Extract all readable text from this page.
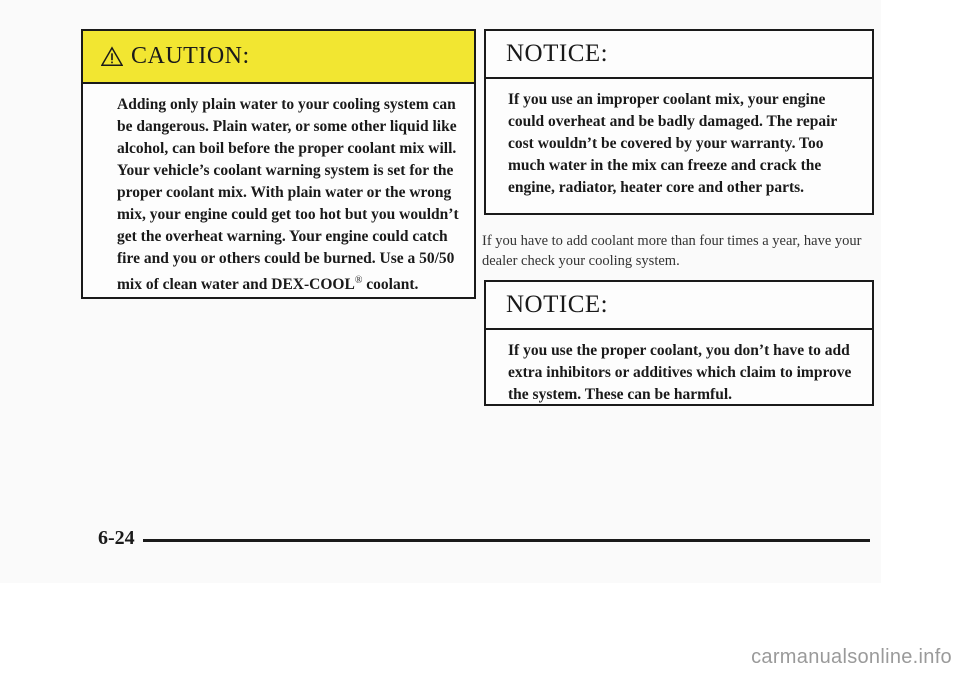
CAUTION:
Adding only plain water to your cooling system can be dangerous. Plain water, or some other liquid like alcohol, can boil before the proper coolant mix will. Your vehicle’s coolant warning system is set for the proper coolant mix. With plain water or the wrong mix, your engine could get too hot but you wouldn’t get the overheat warning. Your engine could catch fire and you or others could be burned. Use a 50/50 mix of clean water and DEX-COOL® coolant.
NOTICE:
If you use an improper coolant mix, your engine could overheat and be badly damaged. The repair cost wouldn’t be covered by your warranty. Too much water in the mix can freeze and crack the engine, radiator, heater core and other parts.
If you have to add coolant more than four times a year, have your dealer check your cooling system.
NOTICE:
If you use the proper coolant, you don’t have to add extra inhibitors or additives which claim to improve the system. These can be harmful.
6-24
carmanualsonline.info
